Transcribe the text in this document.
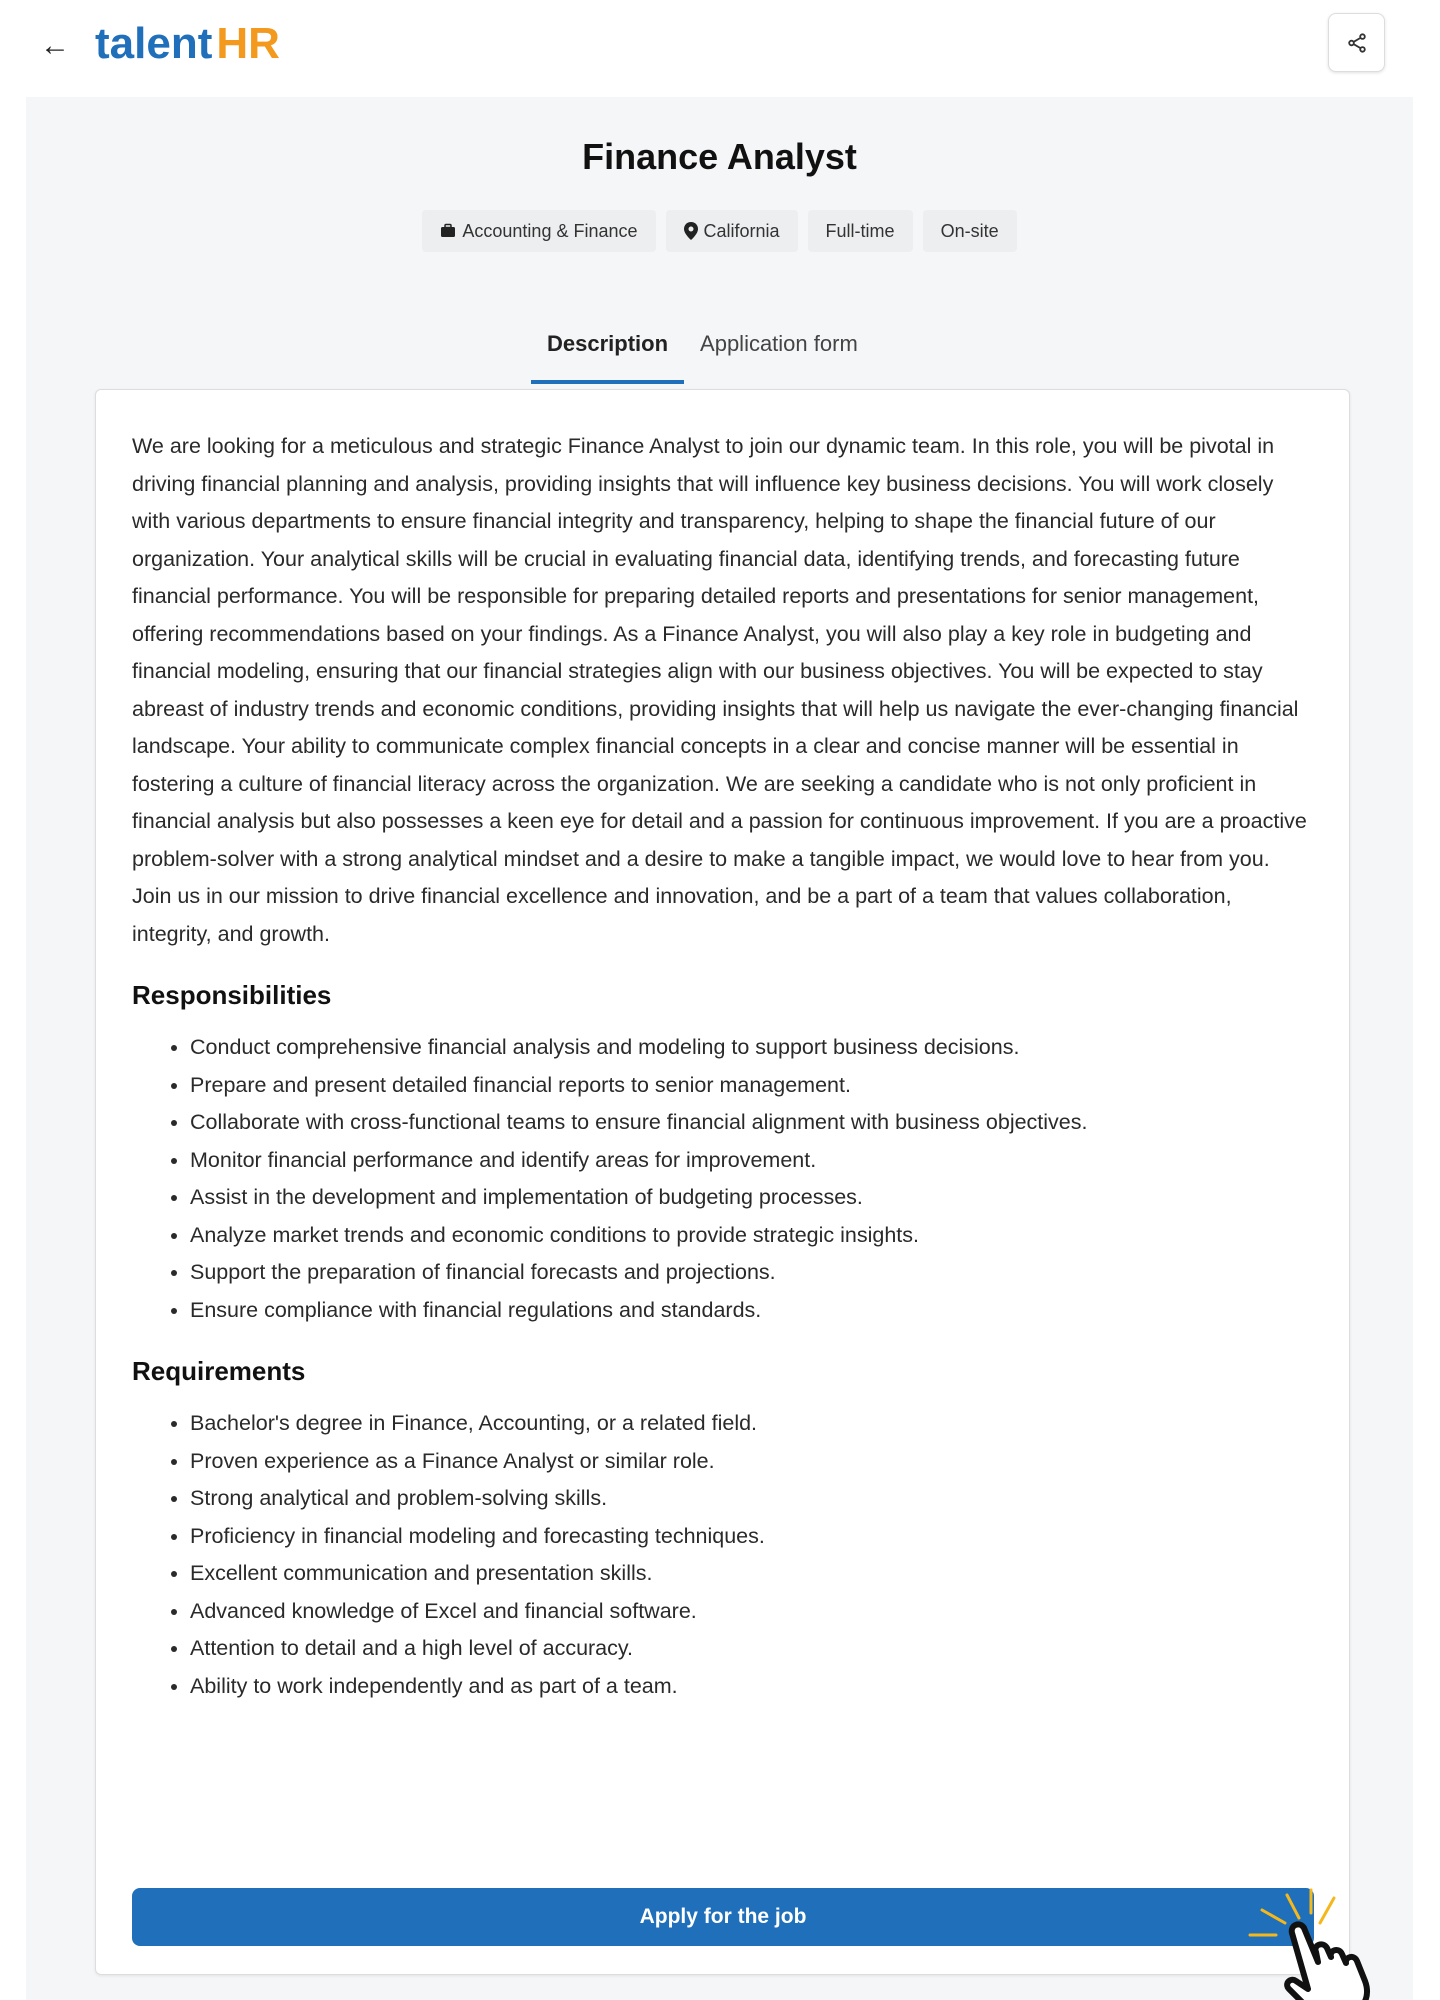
← talentHR
Finance Analyst
Accounting & Finance	California	Full-time	On-site
Description	Application form

We are looking for a meticulous and strategic Finance Analyst to join our dynamic team. In this role, you will be pivotal in driving financial planning and analysis, providing insights that will influence key business decisions. You will work closely with various departments to ensure financial integrity and transparency, helping to shape the financial future of our organization. Your analytical skills will be crucial in evaluating financial data, identifying trends, and forecasting future financial performance. You will be responsible for preparing detailed reports and presentations for senior management, offering recommendations based on your findings. As a Finance Analyst, you will also play a key role in budgeting and financial modeling, ensuring that our financial strategies align with our business objectives. You will be expected to stay abreast of industry trends and economic conditions, providing insights that will help us navigate the ever-changing financial landscape. Your ability to communicate complex financial concepts in a clear and concise manner will be essential in fostering a culture of financial literacy across the organization. We are seeking a candidate who is not only proficient in financial analysis but also possesses a keen eye for detail and a passion for continuous improvement. If you are a proactive problem-solver with a strong analytical mindset and a desire to make a tangible impact, we would love to hear from you. Join us in our mission to drive financial excellence and innovation, and be a part of a team that values collaboration, integrity, and growth.

Responsibilities
• Conduct comprehensive financial analysis and modeling to support business decisions.
• Prepare and present detailed financial reports to senior management.
• Collaborate with cross-functional teams to ensure financial alignment with business objectives.
• Monitor financial performance and identify areas for improvement.
• Assist in the development and implementation of budgeting processes.
• Analyze market trends and economic conditions to provide strategic insights.
• Support the preparation of financial forecasts and projections.
• Ensure compliance with financial regulations and standards.
Requirements
• Bachelor's degree in Finance, Accounting, or a related field.
• Proven experience as a Finance Analyst or similar role.
• Strong analytical and problem-solving skills.
• Proficiency in financial modeling and forecasting techniques.
• Excellent communication and presentation skills.
• Advanced knowledge of Excel and financial software.
• Attention to detail and a high level of accuracy.
• Ability to work independently and as part of a team.
Apply for the job
